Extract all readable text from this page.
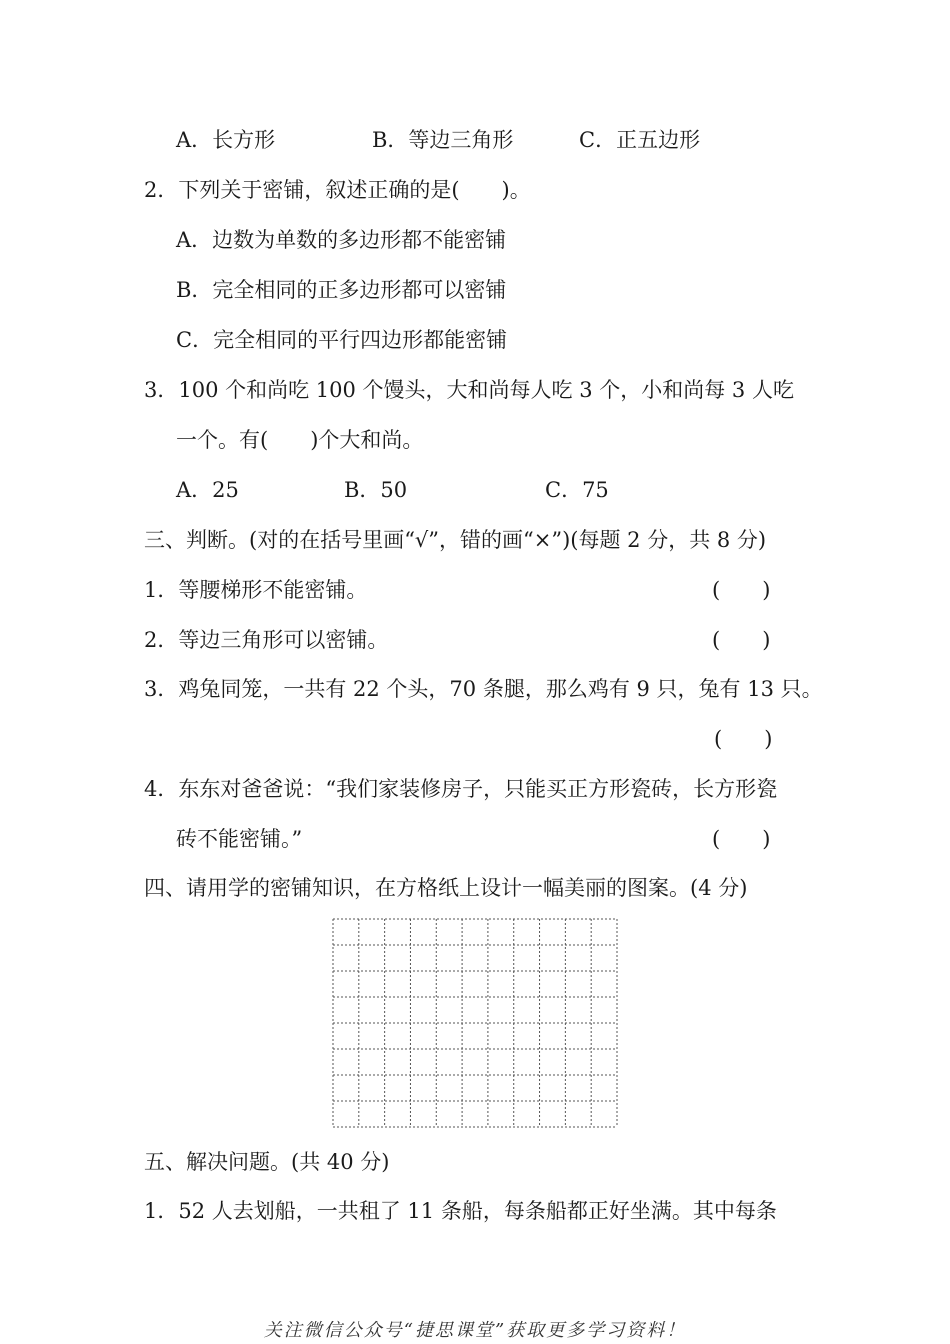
A．长方形	B．等边三角形	C．正五边形
2．下列关于密铺，叙述正确的是(　　)。
A．边数为单数的多边形都不能密铺
B．完全相同的正多边形都可以密铺
C．完全相同的平行四边形都能密铺
3．100 个和尚吃 100 个馒头，大和尚每人吃 3 个，小和尚每 3 人吃
一个。有(　　)个大和尚。
A．25	B．50	C．75
三、判断。(对的在括号里画“√”，错的画“×”)(每题 2 分，共 8 分)
1．等腰梯形不能密铺。	(　　)
2．等边三角形可以密铺。	(　　)
3．鸡兔同笼，一共有 22 个头，70 条腿，那么鸡有 9 只，兔有 13 只。
(　　)
4．东东对爸爸说：“我们家装修房子，只能买正方形瓷砖，长方形瓷
砖不能密铺。”	(　　)
四、请用学的密铺知识，在方格纸上设计一幅美丽的图案。(4 分)
五、解决问题。(共 40 分)
1．52 人去划船，一共租了 11 条船，每条船都正好坐满。其中每条
关注微信公众号“捷思课堂”获取更多学习资料！
